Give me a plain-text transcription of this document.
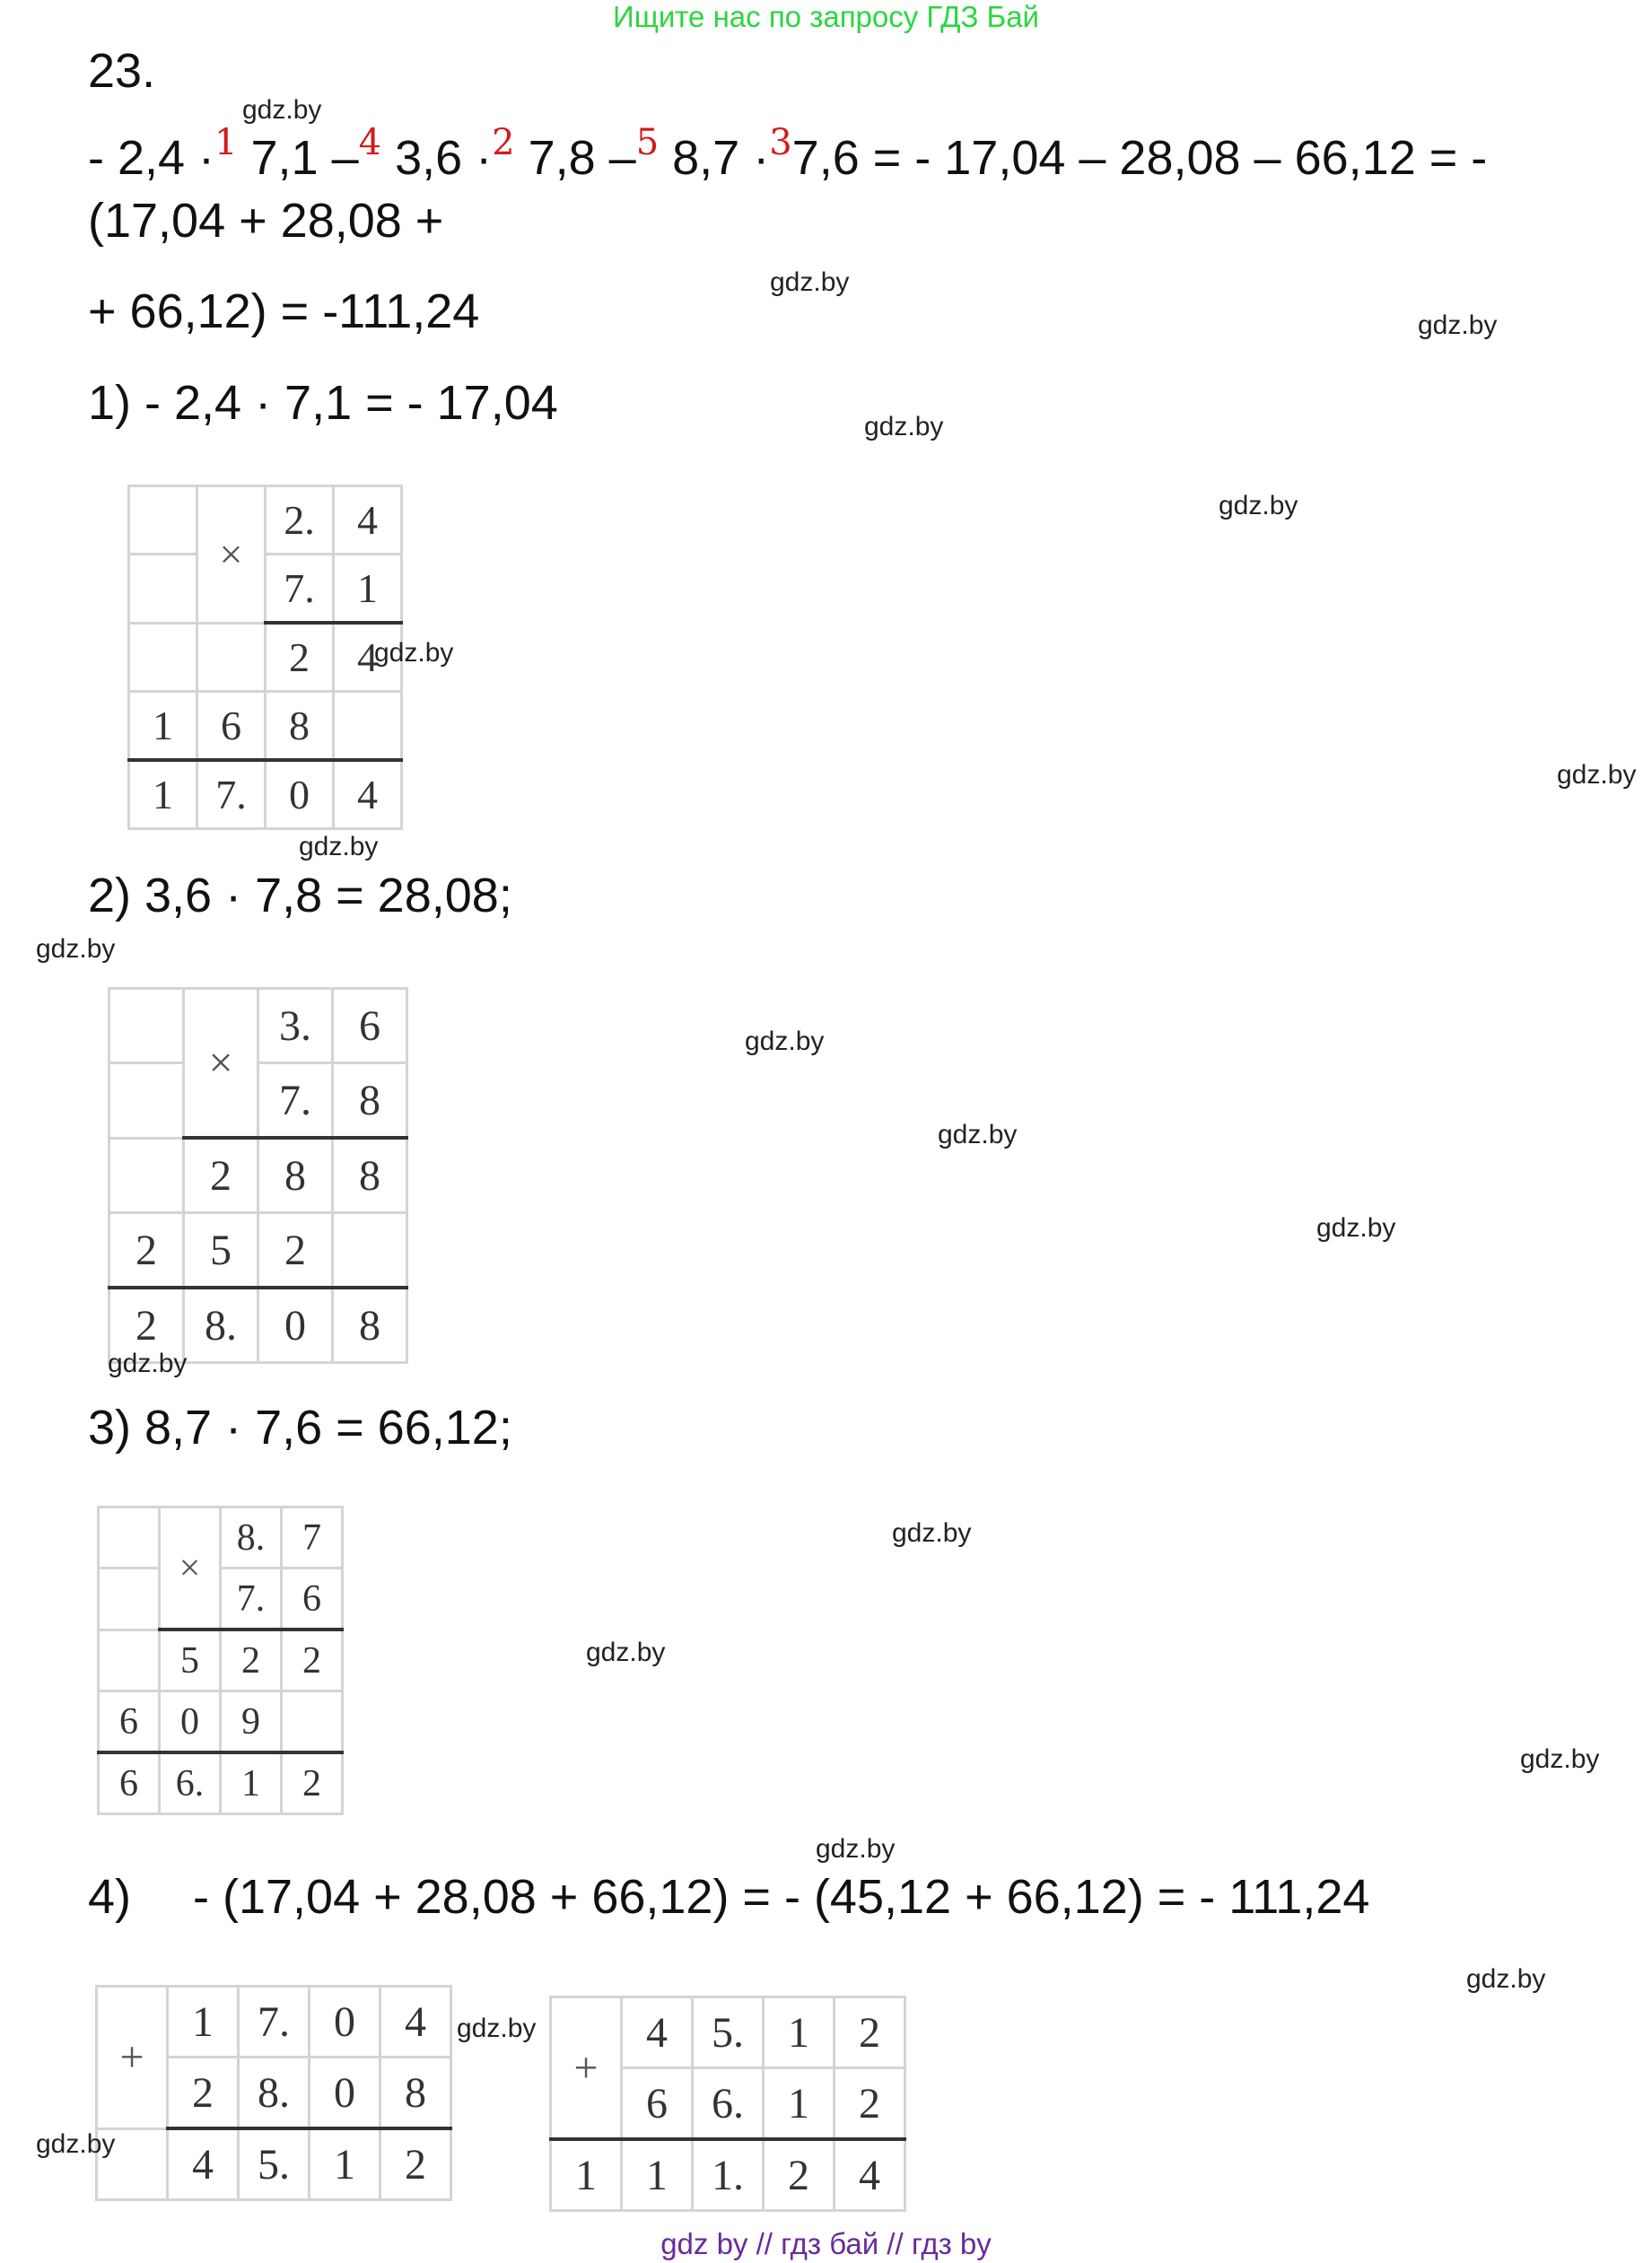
Ищите нас по запросу ГДЗ Бай
23.
- 2,4 ·$^1$ 7,1 –$^4$ 3,6 ·$^2$ 7,8 –$^5$ 8,7 ·$^3$7,6 = - 17,04 – 28,08 – 66,12 = -
(17,04 + 28,08 +
+ 66,12) = -111,24
1) - 2,4 · 7,1 = - 17,04
	×	2.	4
		7.	1
		2	4
1	6	8	
1	7.	0	4
2) 3,6 · 7,8 = 28,08;
	×	3.	6
		7.	8
	2	8	8
2	5	2	
2	8.	0	8
3) 8,7 · 7,6 = 66,12;
	×	8.	7
		7.	6
	5	2	2
6	0	9	
6	6.	1	2
4) - (17,04 + 28,08 + 66,12) = - (45,12 + 66,12) = - 111,24
+	1	7.	0	4
	2	8.	0	8
	4	5.	1	2
+	4	5.	1	2
	6	6.	1	2
1	1	1.	2	4
gdz.by
gdz.by
gdz.by
gdz.by
gdz.by
gdz.by
gdz.by
gdz.by
gdz.by
gdz.by
gdz.by
gdz.by
gdz.by
gdz.by
gdz.by
gdz.by
gdz.by
gdz.by
gdz.by
gdz.by
gdz by // гдз бай // гдз by
